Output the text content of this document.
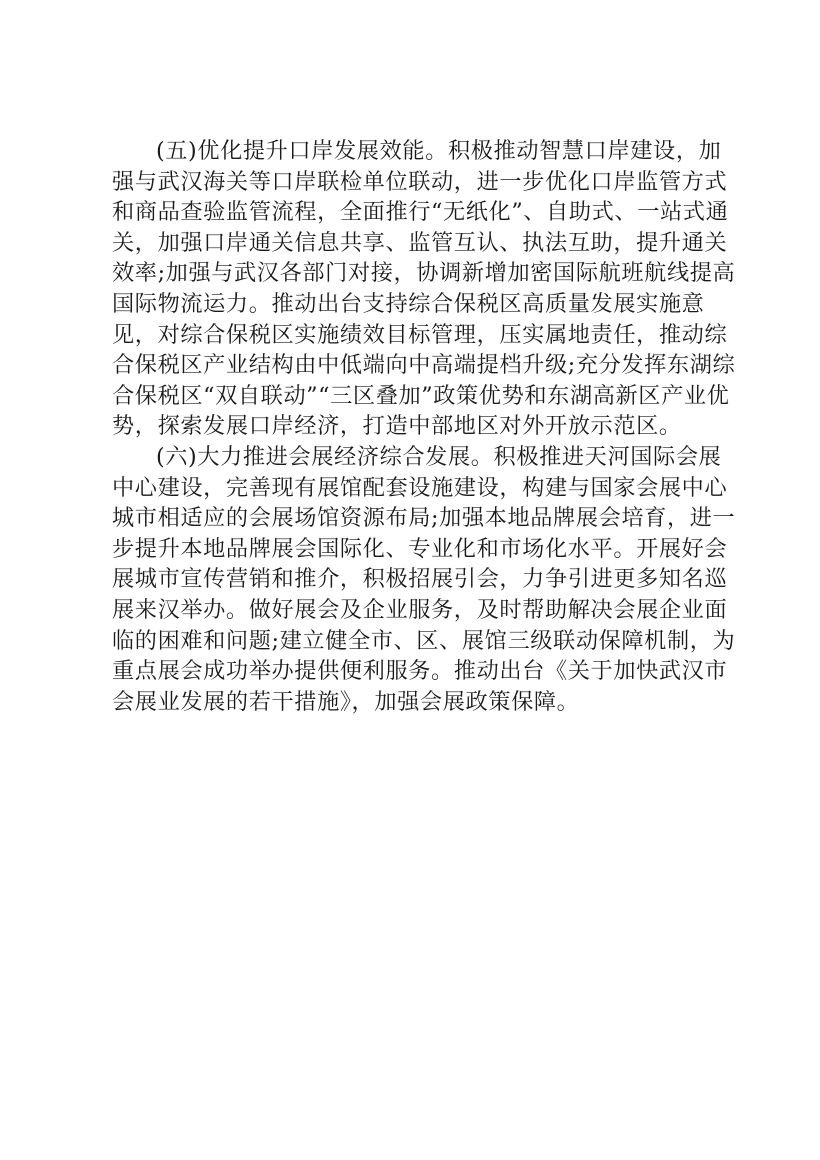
(五)优化提升口岸发展效能。积极推动智慧口岸建设，加
强与武汉海关等口岸联检单位联动，进一步优化口岸监管方式
和商品查验监管流程，全面推行“无纸化”、自助式、一站式通
关，加强口岸通关信息共享、监管互认、执法互助，提升通关
效率;加强与武汉各部门对接，协调新增加密国际航班航线提高
国际物流运力。推动出台支持综合保税区高质量发展实施意
见，对综合保税区实施绩效目标管理，压实属地责任，推动综
合保税区产业结构由中低端向中高端提档升级;充分发挥东湖综
合保税区“双自联动”“三区叠加”政策优势和东湖高新区产业优
势，探索发展口岸经济，打造中部地区对外开放示范区。

(六)大力推进会展经济综合发展。积极推进天河国际会展
中心建设，完善现有展馆配套设施建设，构建与国家会展中心
城市相适应的会展场馆资源布局;加强本地品牌展会培育，进一
步提升本地品牌展会国际化、专业化和市场化水平。开展好会
展城市宣传营销和推介，积极招展引会，力争引进更多知名巡
展来汉举办。做好展会及企业服务，及时帮助解决会展企业面
临的困难和问题;建立健全市、区、展馆三级联动保障机制，为
重点展会成功举办提供便利服务。推动出台《关于加快武汉市
会展业发展的若干措施》，加强会展政策保障。
